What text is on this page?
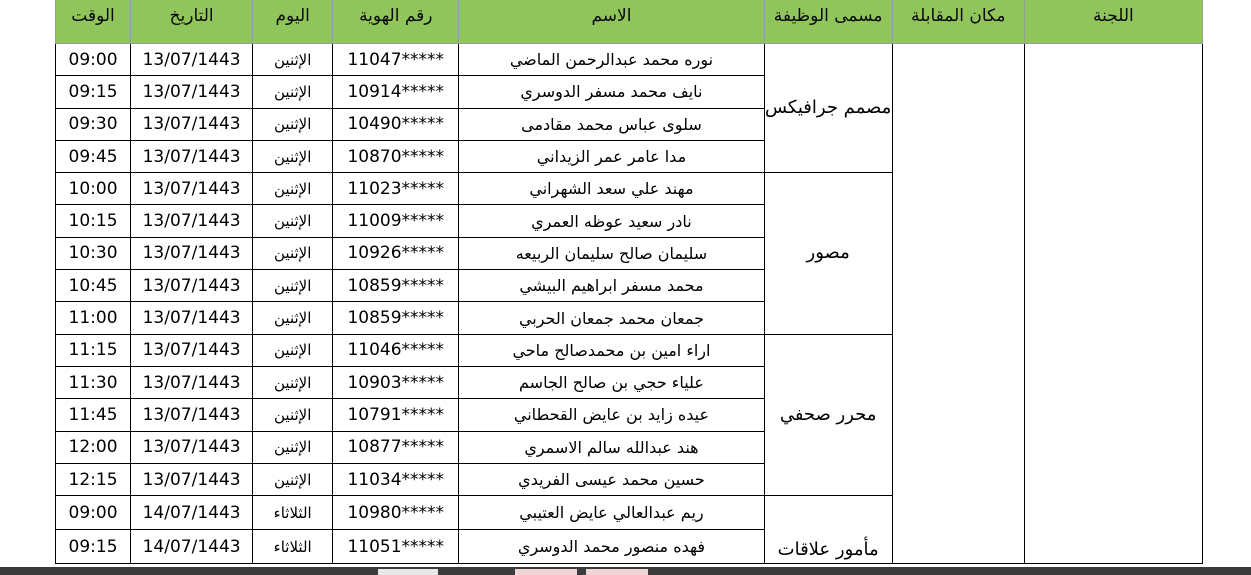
الوقت	التاريخ	اليوم	رقم الهوية	الاسم	مسمى الوظيفة	مكان المقابلة	اللجنة

09:00	13/07/1443	الإثنين	11047*****	نوره محمد عبدالرحمن الماضي	مصمم جرافيكس		
09:15	13/07/1443	الإثنين	10914*****	نايف محمد مسفر الدوسري			
09:30	13/07/1443	الإثنين	10490*****	سلوى عباس محمد مقادمى			
09:45	13/07/1443	الإثنين	10870*****	مدا عامر عمر الزيداني			
10:00	13/07/1443	الإثنين	11023*****	مهند علي سعد الشهراني	مصور		
10:15	13/07/1443	الإثنين	11009*****	نادر سعيد عوظه العمري			
10:30	13/07/1443	الإثنين	10926*****	سليمان صالح سليمان الربيعه			
10:45	13/07/1443	الإثنين	10859*****	محمد مسفر ابراهيم البيشي			
11:00	13/07/1443	الإثنين	10859*****	جمعان محمد جمعان الحربي			
11:15	13/07/1443	الإثنين	11046*****	اراء امين بن محمدصالح ماحي	محرر صحفي		
11:30	13/07/1443	الإثنين	10903*****	علياء حجي بن صالح الجاسم			
11:45	13/07/1443	الإثنين	10791*****	عيده زايد بن عايض القحطاني			
12:00	13/07/1443	الإثنين	10877*****	هند عبدالله سالم الاسمري			
12:15	13/07/1443	الإثنين	11034*****	حسين محمد عيسى الفريدي			
09:00	14/07/1443	الثلاثاء	10980*****	ريم عبدالعالي عايض العتيبي	مأمور علاقات		
09:15	14/07/1443	الثلاثاء	11051*****	فهده منصور محمد الدوسري			
